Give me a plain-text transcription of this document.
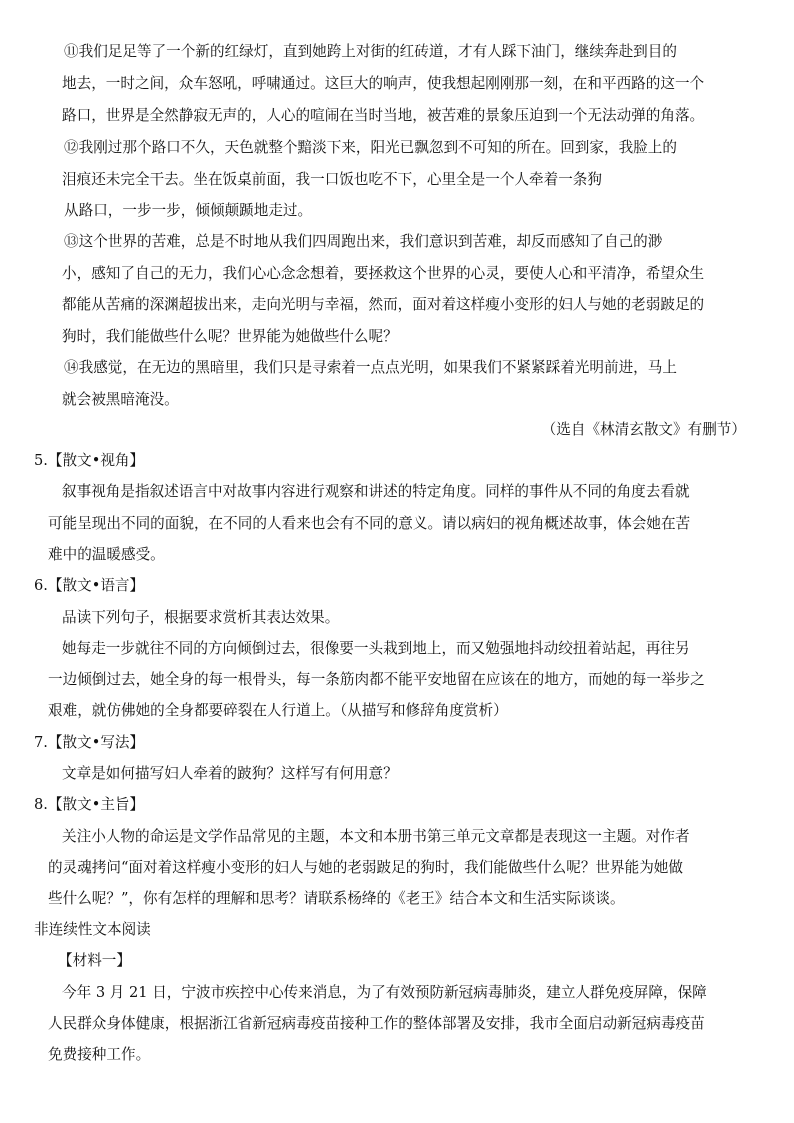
⑪我们足足等了一个新的红绿灯，直到她跨上对街的红砖道，才有人踩下油门，继续奔赴到目的
地去，一时之间，众车怒吼，呼啸通过。这巨大的响声，使我想起刚刚那一刻，在和平西路的这一个
路口，世界是全然静寂无声的，人心的喧闹在当时当地，被苦难的景象压迫到一个无法动弹的角落。
⑫我刚过那个路口不久，天色就整个黯淡下来，阳光已飘忽到不可知的所在。回到家，我脸上的
泪痕还未完全干去。坐在饭桌前面，我一口饭也吃不下，心里全是一个人牵着一条狗
从路口，一步一步，倾倾颠踬地走过。
⑬这个世界的苦难，总是不时地从我们四周跑出来，我们意识到苦难，却反而感知了自己的渺
小，感知了自己的无力，我们心心念念想着，要拯救这个世界的心灵，要使人心和平清净，希望众生
都能从苦痛的深渊超拔出来，走向光明与幸福，然而，面对着这样瘦小变形的妇人与她的老弱跛足的
狗时，我们能做些什么呢？世界能为她做些什么呢？
⑭我感觉，在无边的黑暗里，我们只是寻索着一点点光明，如果我们不紧紧踩着光明前进，马上
就会被黑暗淹没。
（选自《林清玄散文》有删节）
5.【散文•视角】
叙事视角是指叙述语言中对故事内容进行观察和讲述的特定角度。同样的事件从不同的角度去看就
可能呈现出不同的面貌，在不同的人看来也会有不同的意义。请以病妇的视角概述故事，体会她在苦
难中的温暖感受。
6.【散文•语言】
品读下列句子，根据要求赏析其表达效果。
她每走一步就往不同的方向倾倒过去，很像要一头栽到地上，而又勉强地抖动绞扭着站起，再往另
一边倾倒过去，她全身的每一根骨头，每一条筋肉都不能平安地留在应该在的地方，而她的每一举步之
艰难，就仿佛她的全身都要碎裂在人行道上。（从描写和修辞角度赏析）
7.【散文•写法】
文章是如何描写妇人牵着的跛狗？这样写有何用意？
8.【散文•主旨】
关注小人物的命运是文学作品常见的主题，本文和本册书第三单元文章都是表现这一主题。对作者
的灵魂拷问“面对着这样瘦小变形的妇人与她的老弱跛足的狗时，我们能做些什么呢？世界能为她做
些什么呢？”，你有怎样的理解和思考？请联系杨绛的《老王》结合本文和生活实际谈谈。
非连续性文本阅读
【材料一】
今年 3 月 21 日，宁波市疾控中心传来消息，为了有效预防新冠病毒肺炎，建立人群免疫屏障，保障
人民群众身体健康，根据浙江省新冠病毒疫苗接种工作的整体部署及安排，我市全面启动新冠病毒疫苗
免费接种工作。
